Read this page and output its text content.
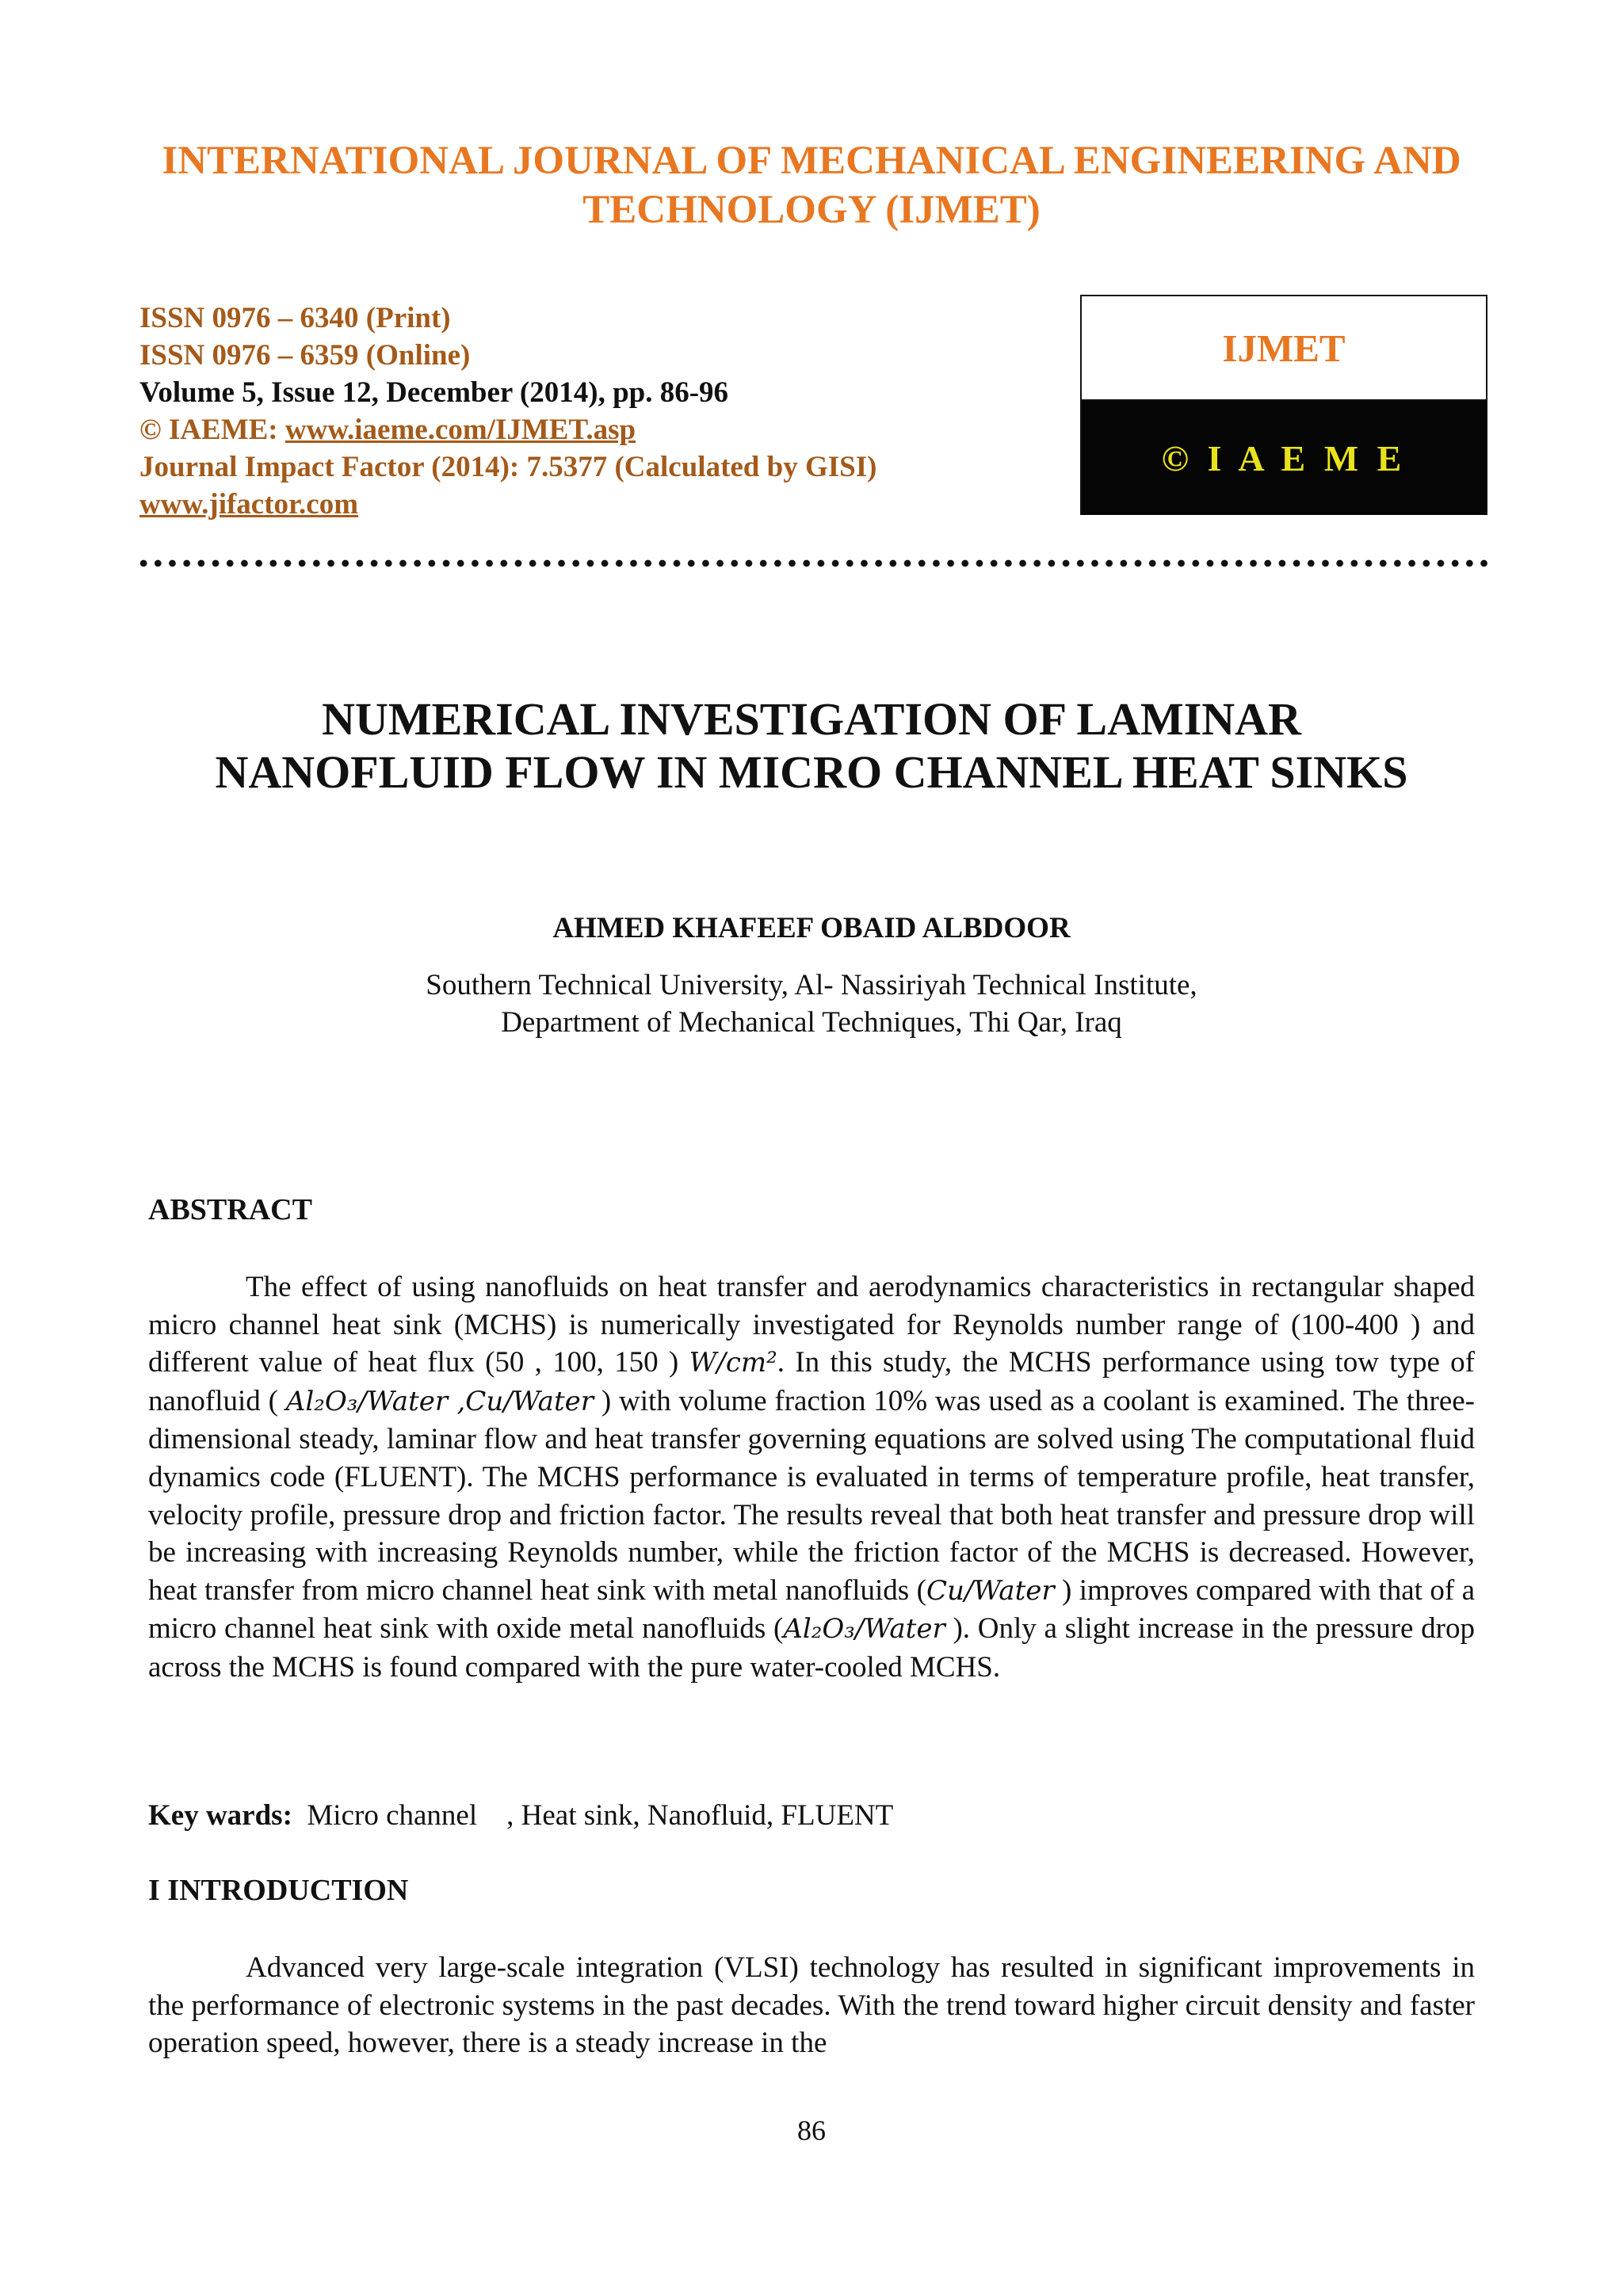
INTERNATIONAL JOURNAL OF MECHANICAL ENGINEERING AND
TECHNOLOGY (IJMET)
ISSN 0976 – 6340 (Print)
ISSN 0976 – 6359 (Online)
Volume 5, Issue 12, December (2014), pp. 86-96
© IAEME: www.iaeme.com/IJMET.asp
Journal Impact Factor (2014): 7.5377 (Calculated by GISI)
www.jifactor.com
IJMET
© I A E M E
NUMERICAL INVESTIGATION OF LAMINAR
NANOFLUID FLOW IN MICRO CHANNEL HEAT SINKS
AHMED KHAFEEF OBAID ALBDOOR
Southern Technical University, Al- Nassiriyah Technical Institute,
Department of Mechanical Techniques, Thi Qar, Iraq
ABSTRACT
The effect of using nanofluids on heat transfer and aerodynamics characteristics in rectangular shaped micro channel heat sink (MCHS) is numerically investigated for Reynolds number range of (100-400 ) and different value of heat flux (50 , 100, 150 ) W/cm². In this study, the MCHS performance using tow type of nanofluid ( Al₂O₃/Water ,Cu/Water ) with volume fraction 10% was used as a coolant is examined. The three-dimensional steady, laminar flow and heat transfer governing equations are solved using The computational fluid dynamics code (FLUENT). The MCHS performance is evaluated in terms of temperature profile, heat transfer, velocity profile, pressure drop and friction factor. The results reveal that both heat transfer and pressure drop will be increasing with increasing Reynolds number, while the friction factor of the MCHS is decreased. However, heat transfer from micro channel heat sink with metal nanofluids (Cu/Water ) improves compared with that of a micro channel heat sink with oxide metal nanofluids (Al₂O₃/Water ). Only a slight increase in the pressure drop across the MCHS is found compared with the pure water-cooled MCHS.
Key wards:  Micro channel    , Heat sink, Nanofluid, FLUENT
I INTRODUCTION
Advanced very large-scale integration (VLSI) technology has resulted in significant improvements in the performance of electronic systems in the past decades. With the trend toward higher circuit density and faster operation speed, however, there is a steady increase in the
86
